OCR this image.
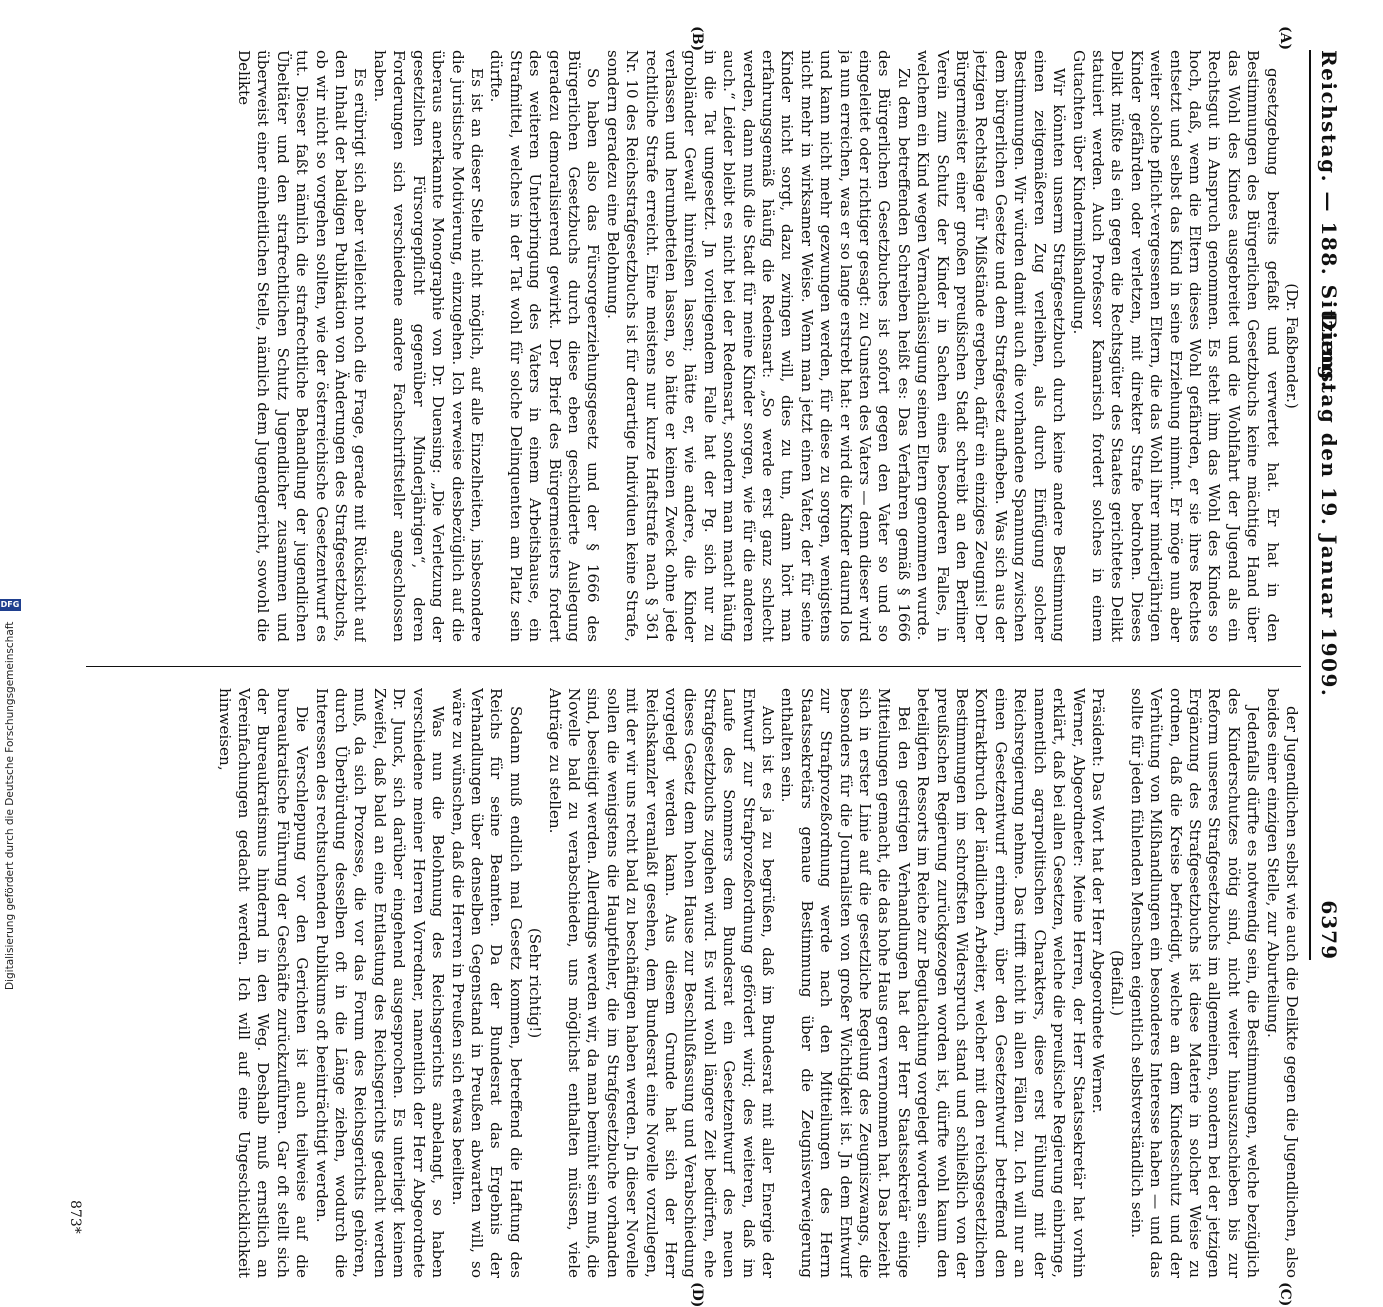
Reichstag. — 188. Sitzung.
Dienstag den 19. Januar 1909.
6379
(A)
(B)
(C)
(D)

(Dr. Faßbender.)

gesetzgebung bereits gefaßt und verwertet hat. Er hat in den Bestimmungen des Bürgerlichen Gesetzbuchs keine mächtige Hand über das Wohl des Kindes ausgebreitet und die Wohlfahrt der Jugend als ein Rechtsgut in Anspruch genommen. Es steht ihm das Wohl des Kindes so hoch, daß, wenn die Eltern dieses Wohl gefährden, er sie ihres Rechtes entsetzt und selbst das Kind in seine Erziehung nimmt. Er möge nun aber weiter solche pflicht-vergessenen Eltern, die das Wohl ihrer minderjährigen Kinder gefährden oder verletzen, mit direkter Strafe bedrohen. Dieses Delikt müßte als ein gegen die Rechtsgüter des Staates gerichtetes Delikt statuiert werden. Auch Professor Kamarisch fordert solches in einem Gutachten über Kindermißhandlung.

Wir könnten unserm Strafgesetzbuch durch keine andere Bestimmung einen zeitgemäßeren Zug verleihen, als durch Einfügung solcher Bestimmungen. Wir würden damit auch die vorhandene Spannung zwischen dem bürgerlichen Gesetze und dem Strafgesetz aufheben. Was sich aus der jetzigen Rechtslage für Mißstände ergeben, dafür ein einziges Zeugnis! Der Bürgermeister einer großen preußischen Stadt schreibt an den Berliner Verein zum Schutz der Kinder in Sachen eines besonderen Falles, in welchem ein Kind wegen Vernachlässigung seinen Eltern genommen wurde.

Zu dem betreffenden Schreiben heißt es: Das Verfahren gemäß § 1666 des Bürgerlichen Gesetzbuches ist sofort gegen den Vater so und so eingeleitet oder richtiger gesagt: zu Gunsten des Vaters — denn dieser wird ja nun erreichen, was er so lange erstrebt hat: er wird die Kinder daurnd los und kann nicht mehr gezwungen werden, für diese zu sorgen, wenigstens nicht mehr in wirksamer Weise. Wenn man jetzt einen Vater, der für seine Kinder nicht sorgt, dazu zwingen will, dies zu tun, dann hört man erfahrungsgemäß häufig die Redensart: „So werde erst ganz schlecht werden, dann muß die Stadt für meine Kinder sorgen, wie für die anderen auch.“ Leider bleibt es nicht bei der Redensart, sondern man macht häufig in die Tat umgesetzt. Jn vorliegendem Falle hat der Pg. sich nur zu grobländer Gewalt hinreißen lassen; hätte er, wie andere, die Kinder verlassen und herumbettelen lassen, so hätte er keinen Zweck ohne jede rechtliche Strafe erreicht. Eine meistens nur kurze Haftstrafe nach § 361 Nr. 10 des Reichsstrafgesetzbuchs ist für derartige Individuen keine Strafe, sondern geradezu eine Belohnung.

So haben also das Fürsorgeerziehungsgesetz und der § 1666 des Bürgerlichen Gesetzbuchs durch diese eben geschilderte Auslegung geradezu demoralisierend gewirkt. Der Brief des Bürgermeisters fordert des weiteren Unterbringung des Vaters in einem Arbeitshause, ein Strafmittel, welches in der Tat wohl für solche Delinquenten am Platz sein dürfte.

Es ist an dieser Stelle nicht möglich, auf alle Einzelheiten, insbesondere die juristische Motivierung, einzugehen. Ich verweise diesbezüglich auf die überaus anerkannte Monographie von Dr. Duensing: „Die Verletzung der gesetzlichen Fürsorgepflicht gegenüber Minderjährigen“, deren Forderungen sich verschiedene andere Fachschriftsteller angeschlossen haben.

Es erübrigt sich aber vielleicht noch die Frage, gerade mit Rücksicht auf den Inhalt der baldigen Publikation von Änderungen des Strafgesetzbuchs, ob wir nicht so vorgehen sollten, wie der österreichische Gesetzentwurf es tut. Dieser faßt nämlich die strafrechtliche Behandlung der jugendlichen Übeltäter und den strafrechtlichen Schutz Jugendlicher zusammen und überweist einer einheitlichen Stelle, nämlich dem Jugendgericht, sowohl die Delikte

der Jugendlichen selbst wie auch die Delikte gegen die Jugendlichen, also beides einer einzigen Stelle, zur Aburteilung.

Jedenfalls dürfte es notwendig sein, die Bestimmungen, welche bezüglich des Kinderschutzes nötig sind, nicht weiter hinauszuschieben bis zur Reform unseres Strafgesetzbuchs im allgemeinen, sondern bei der jetzigen Ergänzung des Strafgesetzbuchs ist diese Materie in solcher Weise zu ordnen, daß die Kreise befriedigt, welche an dem Kindesschutz und der Verhütung von Mißhandlungen ein besonderes Interesse haben — und das sollte für jeden fühlenden Menschen eigentlich selbstverständlich sein.

(Beifall.)

Präsident: Das Wort hat der Herr Abgeordnete Werner.

Werner, Abgeordneter: Meine Herren, der Herr Staatssekretär hat vorhin erklärt, daß bei allen Gesetzen, welche die preußische Regierung einbringe, namentlich agrarpolitischen Charakters, diese erst Fühlung mit der Reichsregierung nehme. Das trifft nicht in allen Fällen zu. Ich will nur an einen Gesetzentwurf erinnern, über den Gesetzentwurf betreffend den Kontraktbruch der ländlichen Arbeiter, welcher mit den reichsgesetzlichen Bestimmungen im schroffsten Widerspruch stand und schließlich von der preußischen Regierung zurückgezogen worden ist, dürfte wohl kaum den beteiligten Ressorts im Reiche zur Begutachtung vorgelegt worden sein.

Bei den gestrigen Verhandlungen hat der Herr Staatssekretär einige Mitteilungen gemacht, die das hohe Haus gern vernommen hat. Das bezieht sich in erster Linie auf die gesetzliche Regelung des Zeugniszwangs, die besonders für die Journalisten von großer Wichtigkeit ist. Jn dem Entwurf zur Strafprozeßordnung werde nach den Mitteilungen des Herrn Staatssekretärs genaue Bestimmung über die Zeugnisverweigerung enthalten sein.

Auch ist es ja zu begrüßen, daß im Bundesrat mit aller Energie der Entwurf zur Strafprozeßordnung gefördert wird; des weiteren, daß im Laufe des Sommers dem Bundesrat ein Gesetzentwurf des neuen Strafgesetzbuchs zugehen wird. Es wird wohl längere Zeit bedürfen, ehe dieses Gesetz dem hohen Hause zur Beschlußfassung und Verabschiedung vorgelegt werden kann. Aus diesem Grunde hat sich der Herr Reichskanzler veranlaßt gesehen, dem Bundesrat eine Novelle vorzulegen, mit der wir uns recht bald zu beschäftigen haben werden. Jn dieser Novelle sollen die wenigstens die Hauptfehler, die im Strafgesetzbuche vorhanden sind, beseitigt werden. Allerdings werden wir, da man bemüht sein muß, die Novelle bald zu verabschieden, uns möglichst enthalten müssen, viele Anträge zu stellen.

(Sehr richtig!)

Sodann muß endlich mal Gesetz kommen, betreffend die Haftung des Reichs für seine Beamten. Da der Bundesrat das Ergebnis der Verhandlungen über denselben Gegenstand in Preußen abwarten will, so wäre zu wünschen, daß die Herren in Preußen sich etwas beeilten.

Was nun die Belohnung des Reichsgerichts anbelangt, so haben verschiedene meiner Herren Vorredner, namentlich der Herr Abgeordnete Dr. Junck, sich darüber eingehend ausgesprochen. Es unterliegt keinem Zweifel, daß bald an eine Entlastung des Reichsgerichts gedacht werden muß, da sich Prozesse, die vor das Forum des Reichsgerichts gehören, durch Überbürdung desselben oft in die Länge ziehen, wodurch die Interessen des rechtsuchenden Publikums oft beeinträchtigt werden.

Die Verschleppung vor den Gerichten ist auch teilweise auf die bureaukratische Führung der Geschäfte zurückzuführen. Gar oft stellt sich der Bureaukratismus hindernd in den Weg. Deshalb muß ernstlich an Vereinfachungen gedacht werden. Ich will auf eine Ungeschicklichkeit hinweisen,

873*
Digitalisierung gefördert durch die Deutsche Forschungsgemeinschaft
DFG
